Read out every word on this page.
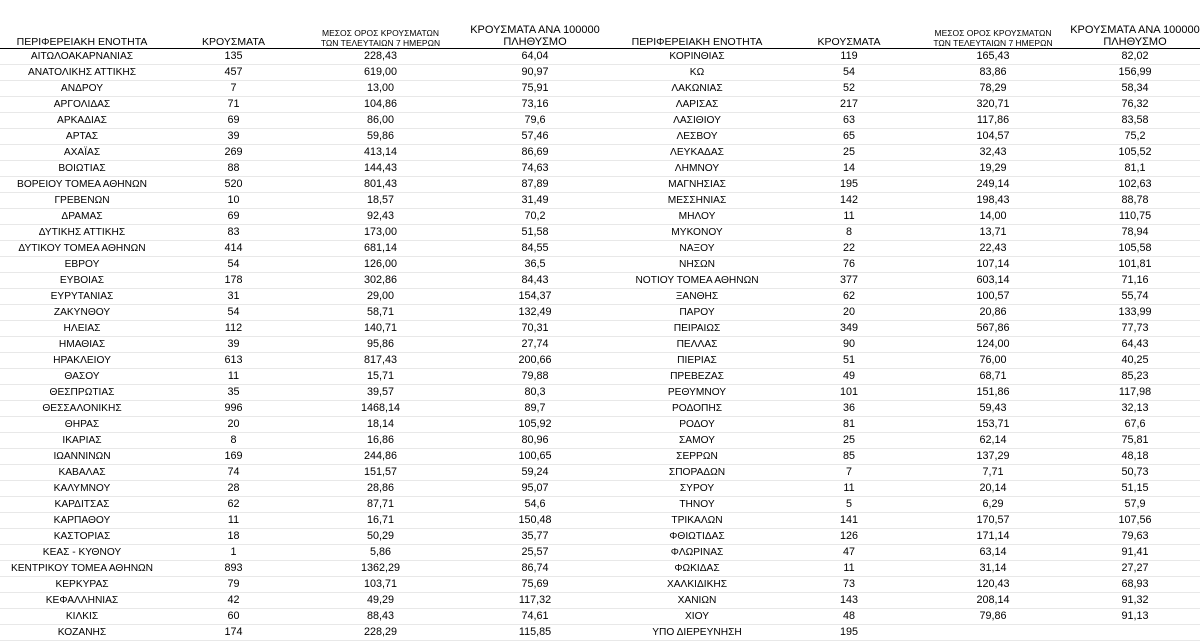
ΠΕΡΙΦΕΡΕΙΑΚΗ ΕΝΟΤΗΤΑ	ΚΡΟΥΣΜΑΤΑ	ΜΕΣΟΣ ΟΡΟΣ ΚΡΟΥΣΜΑΤΩΝ
ΤΩΝ ΤΕΛΕΥΤΑΙΩΝ 7 ΗΜΕΡΩΝ	ΚΡΟΥΣΜΑΤΑ ΑΝΑ 100000
ΠΛΗΘΥΣΜΟ
ΑΙΤΩΛΟΑΚΑΡΝΑΝΙΑΣ	135	228,43	64,04
ΑΝΑΤΟΛΙΚΗΣ ΑΤΤΙΚΗΣ	457	619,00	90,97
ΑΝΔΡΟΥ	7	13,00	75,91
ΑΡΓΟΛΙΔΑΣ	71	104,86	73,16
ΑΡΚΑΔΙΑΣ	69	86,00	79,6
ΑΡΤΑΣ	39	59,86	57,46
ΑΧΑΪΑΣ	269	413,14	86,69
ΒΟΙΩΤΙΑΣ	88	144,43	74,63
ΒΟΡΕΙΟΥ ΤΟΜΕΑ ΑΘΗΝΩΝ	520	801,43	87,89
ΓΡΕΒΕΝΩΝ	10	18,57	31,49
ΔΡΑΜΑΣ	69	92,43	70,2
ΔΥΤΙΚΗΣ ΑΤΤΙΚΗΣ	83	173,00	51,58
ΔΥΤΙΚΟΥ ΤΟΜΕΑ ΑΘΗΝΩΝ	414	681,14	84,55
ΕΒΡΟΥ	54	126,00	36,5
ΕΥΒΟΙΑΣ	178	302,86	84,43
ΕΥΡΥΤΑΝΙΑΣ	31	29,00	154,37
ΖΑΚΥΝΘΟΥ	54	58,71	132,49
ΗΛΕΙΑΣ	112	140,71	70,31
ΗΜΑΘΙΑΣ	39	95,86	27,74
ΗΡΑΚΛΕΙΟΥ	613	817,43	200,66
ΘΑΣΟΥ	11	15,71	79,88
ΘΕΣΠΡΩΤΙΑΣ	35	39,57	80,3
ΘΕΣΣΑΛΟΝΙΚΗΣ	996	1468,14	89,7
ΘΗΡΑΣ	20	18,14	105,92
ΙΚΑΡΙΑΣ	8	16,86	80,96
ΙΩΑΝΝΙΝΩΝ	169	244,86	100,65
ΚΑΒΑΛΑΣ	74	151,57	59,24
ΚΑΛΥΜΝΟΥ	28	28,86	95,07
ΚΑΡΔΙΤΣΑΣ	62	87,71	54,6
ΚΑΡΠΑΘΟΥ	11	16,71	150,48
ΚΑΣΤΟΡΙΑΣ	18	50,29	35,77
ΚΕΑΣ - ΚΥΘΝΟΥ	1	5,86	25,57
ΚΕΝΤΡΙΚΟΥ ΤΟΜΕΑ ΑΘΗΝΩΝ	893	1362,29	86,74
ΚΕΡΚΥΡΑΣ	79	103,71	75,69
ΚΕΦΑΛΛΗΝΙΑΣ	42	49,29	117,32
ΚΙΛΚΙΣ	60	88,43	74,61
ΚΟΖΑΝΗΣ	174	228,29	115,85
ΠΕΡΙΦΕΡΕΙΑΚΗ ΕΝΟΤΗΤΑ	ΚΡΟΥΣΜΑΤΑ	ΜΕΣΟΣ ΟΡΟΣ ΚΡΟΥΣΜΑΤΩΝ
ΤΩΝ ΤΕΛΕΥΤΑΙΩΝ 7 ΗΜΕΡΩΝ	ΚΡΟΥΣΜΑΤΑ ΑΝΑ 100000
ΠΛΗΘΥΣΜΟ
ΚΟΡΙΝΘΙΑΣ	119	165,43	82,02
ΚΩ	54	83,86	156,99
ΛΑΚΩΝΙΑΣ	52	78,29	58,34
ΛΑΡΙΣΑΣ	217	320,71	76,32
ΛΑΣΙΘΙΟΥ	63	117,86	83,58
ΛΕΣΒΟΥ	65	104,57	75,2
ΛΕΥΚΑΔΑΣ	25	32,43	105,52
ΛΗΜΝΟΥ	14	19,29	81,1
ΜΑΓΝΗΣΙΑΣ	195	249,14	102,63
ΜΕΣΣΗΝΙΑΣ	142	198,43	88,78
ΜΗΛΟΥ	11	14,00	110,75
ΜΥΚΟΝΟΥ	8	13,71	78,94
ΝΑΞΟΥ	22	22,43	105,58
ΝΗΣΩΝ	76	107,14	101,81
ΝΟΤΙΟΥ ΤΟΜΕΑ ΑΘΗΝΩΝ	377	603,14	71,16
ΞΑΝΘΗΣ	62	100,57	55,74
ΠΑΡΟΥ	20	20,86	133,99
ΠΕΙΡΑΙΩΣ	349	567,86	77,73
ΠΕΛΛΑΣ	90	124,00	64,43
ΠΙΕΡΙΑΣ	51	76,00	40,25
ΠΡΕΒΕΖΑΣ	49	68,71	85,23
ΡΕΘΥΜΝΟΥ	101	151,86	117,98
ΡΟΔΟΠΗΣ	36	59,43	32,13
ΡΟΔΟΥ	81	153,71	67,6
ΣΑΜΟΥ	25	62,14	75,81
ΣΕΡΡΩΝ	85	137,29	48,18
ΣΠΟΡΑΔΩΝ	7	7,71	50,73
ΣΥΡΟΥ	11	20,14	51,15
ΤΗΝΟΥ	5	6,29	57,9
ΤΡΙΚΑΛΩΝ	141	170,57	107,56
ΦΘΙΩΤΙΔΑΣ	126	171,14	79,63
ΦΛΩΡΙΝΑΣ	47	63,14	91,41
ΦΩΚΙΔΑΣ	11	31,14	27,27
ΧΑΛΚΙΔΙΚΗΣ	73	120,43	68,93
ΧΑΝΙΩΝ	143	208,14	91,32
ΧΙΟΥ	48	79,86	91,13
ΥΠΟ ΔΙΕΡΕΥΝΗΣΗ	195		
